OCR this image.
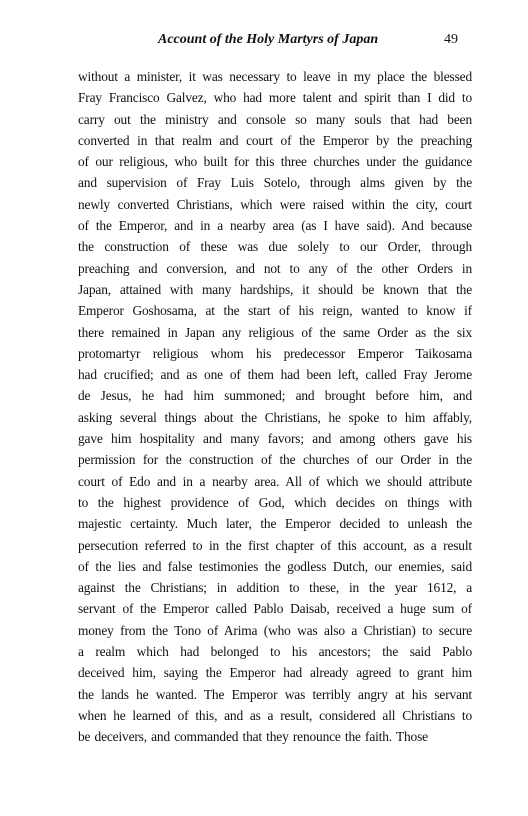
Account of the Holy Martyrs of Japan	49
without a minister, it was necessary to leave in my place the blessed
Fray Francisco Galvez, who had more talent and spirit than I did to
carry out the ministry and console so many souls that had been
converted in that realm and court of the Emperor by the preaching
of our religious, who built for this three churches under the guidance
and supervision of Fray Luis Sotelo, through alms given by the
newly converted Christians, which were raised within the city, court
of the Emperor, and in a nearby area (as I have said). And because
the construction of these was due solely to our Order, through
preaching and conversion, and not to any of the other Orders in
Japan, attained with many hardships, it should be known that the
Emperor Goshosama, at the start of his reign, wanted to know if
there remained in Japan any religious of the same Order as the six
protomartyr religious whom his predecessor Emperor Taikosama
had crucified; and as one of them had been left, called Fray Jerome
de Jesus, he had him summoned; and brought before him, and
asking several things about the Christians, he spoke to him affably,
gave him hospitality and many favors; and among others gave his
permission for the construction of the churches of our Order in the
court of Edo and in a nearby area. All of which we should attribute
to the highest providence of God, which decides on things with
majestic certainty. Much later, the Emperor decided to unleash the
persecution referred to in the first chapter of this account, as a result
of the lies and false testimonies the godless Dutch, our enemies, said
against the Christians; in addition to these, in the year 1612, a
servant of the Emperor called Pablo Daisab, received a huge sum of
money from the Tono of Arima (who was also a Christian) to secure
a realm which had belonged to his ancestors; the said Pablo
deceived him, saying the Emperor had already agreed to grant him
the lands he wanted. The Emperor was terribly angry at his servant
when he learned of this, and as a result, considered all Christians to
be deceivers, and commanded that they renounce the faith. Those
